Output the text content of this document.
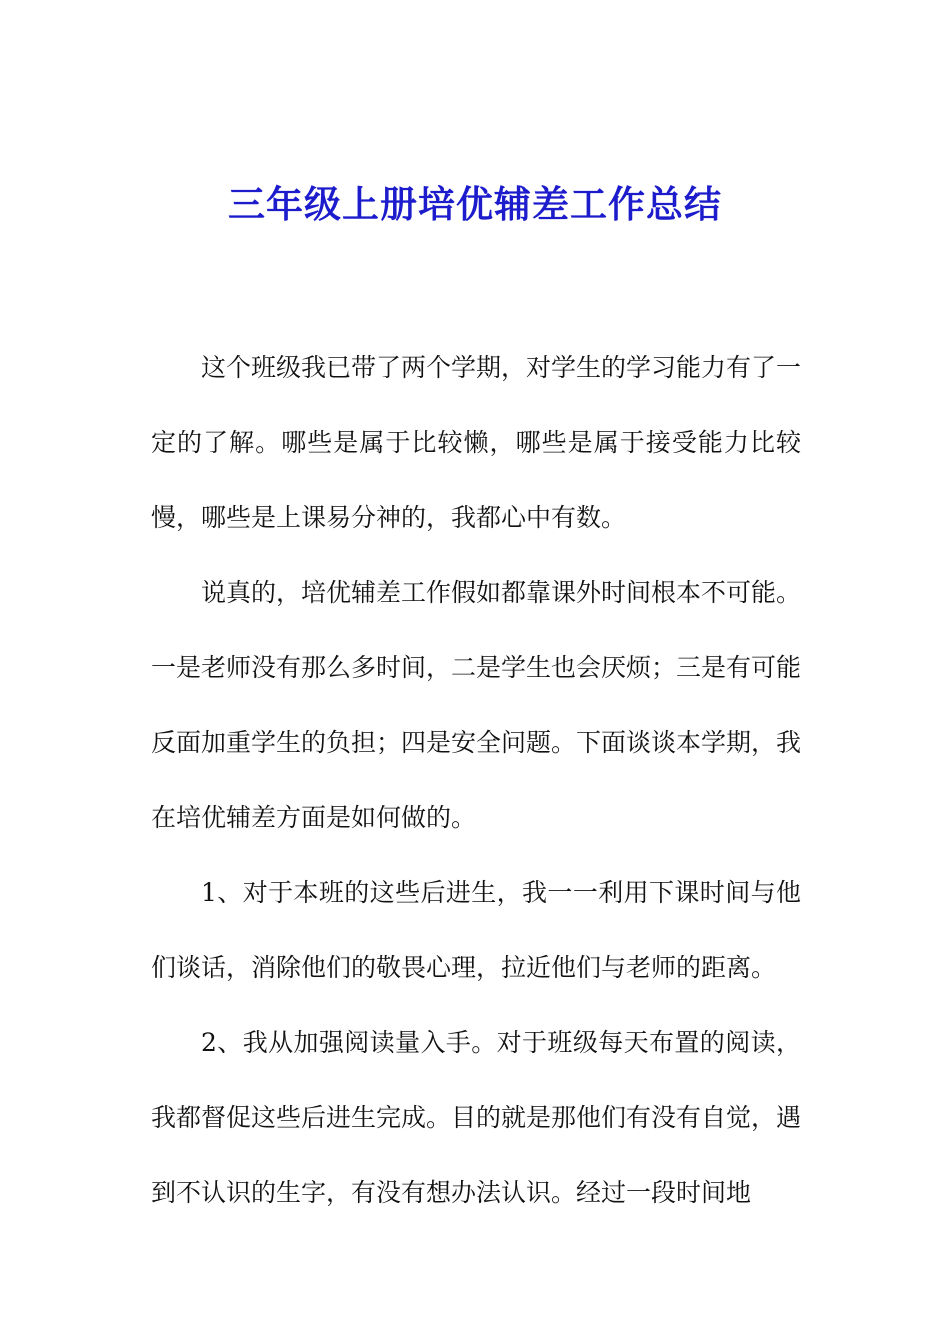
三年级上册培优辅差工作总结

这个班级我已带了两个学期，对学生的学习能力有了一定的了解。哪些是属于比较懒，哪些是属于接受能力比较慢，哪些是上课易分神的，我都心中有数。

说真的，培优辅差工作假如都靠课外时间根本不可能。一是老师没有那么多时间，二是学生也会厌烦；三是有可能反面加重学生的负担；四是安全问题。下面谈谈本学期，我在培优辅差方面是如何做的。

1、对于本班的这些后进生，我一一利用下课时间与他们谈话，消除他们的敬畏心理，拉近他们与老师的距离。

2、我从加强阅读量入手。对于班级每天布置的阅读，我都督促这些后进生完成。目的就是那他们有没有自觉，遇到不认识的生字，有没有想办法认识。经过一段时间地
